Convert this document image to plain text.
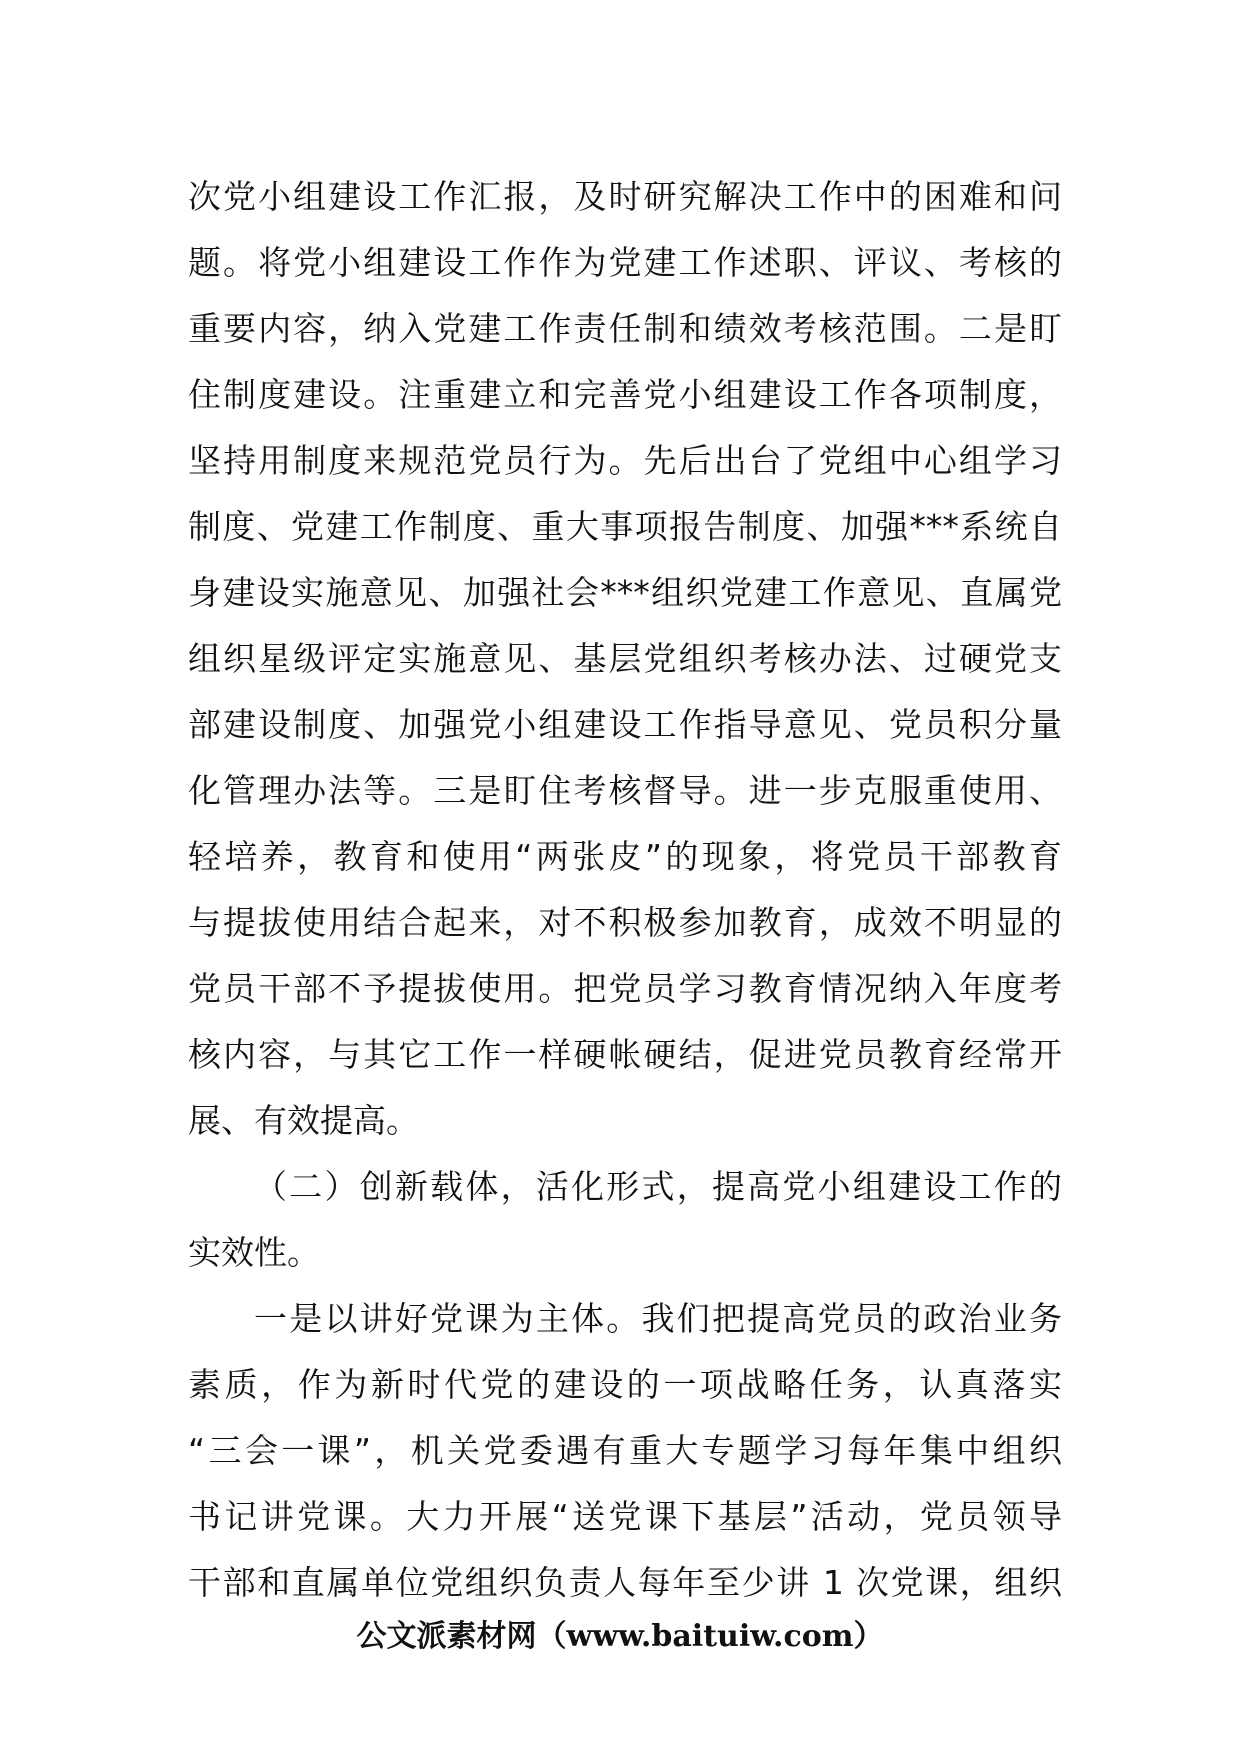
次党小组建设工作汇报，及时研究解决工作中的困难和问
题。将党小组建设工作作为党建工作述职、评议、考核的
重要内容，纳入党建工作责任制和绩效考核范围。二是盯
住制度建设。注重建立和完善党小组建设工作各项制度，
坚持用制度来规范党员行为。先后出台了党组中心组学习
制度、党建工作制度、重大事项报告制度、加强***系统自
身建设实施意见、加强社会***组织党建工作意见、直属党
组织星级评定实施意见、基层党组织考核办法、过硬党支
部建设制度、加强党小组建设工作指导意见、党员积分量
化管理办法等。三是盯住考核督导。进一步克服重使用、
轻培养，教育和使用“两张皮”的现象，将党员干部教育
与提拔使用结合起来，对不积极参加教育，成效不明显的
党员干部不予提拔使用。把党员学习教育情况纳入年度考
核内容，与其它工作一样硬帐硬结，促进党员教育经常开
展、有效提高。
（二）创新载体，活化形式，提高党小组建设工作的
实效性。
一是以讲好党课为主体。我们把提高党员的政治业务
素质，作为新时代党的建设的一项战略任务，认真落实
“三会一课”，机关党委遇有重大专题学习每年集中组织
书记讲党课。大力开展“送党课下基层”活动，党员领导
干部和直属单位党组织负责人每年至少讲 1 次党课，组织
公文派素材网（www.baituiw.com）
